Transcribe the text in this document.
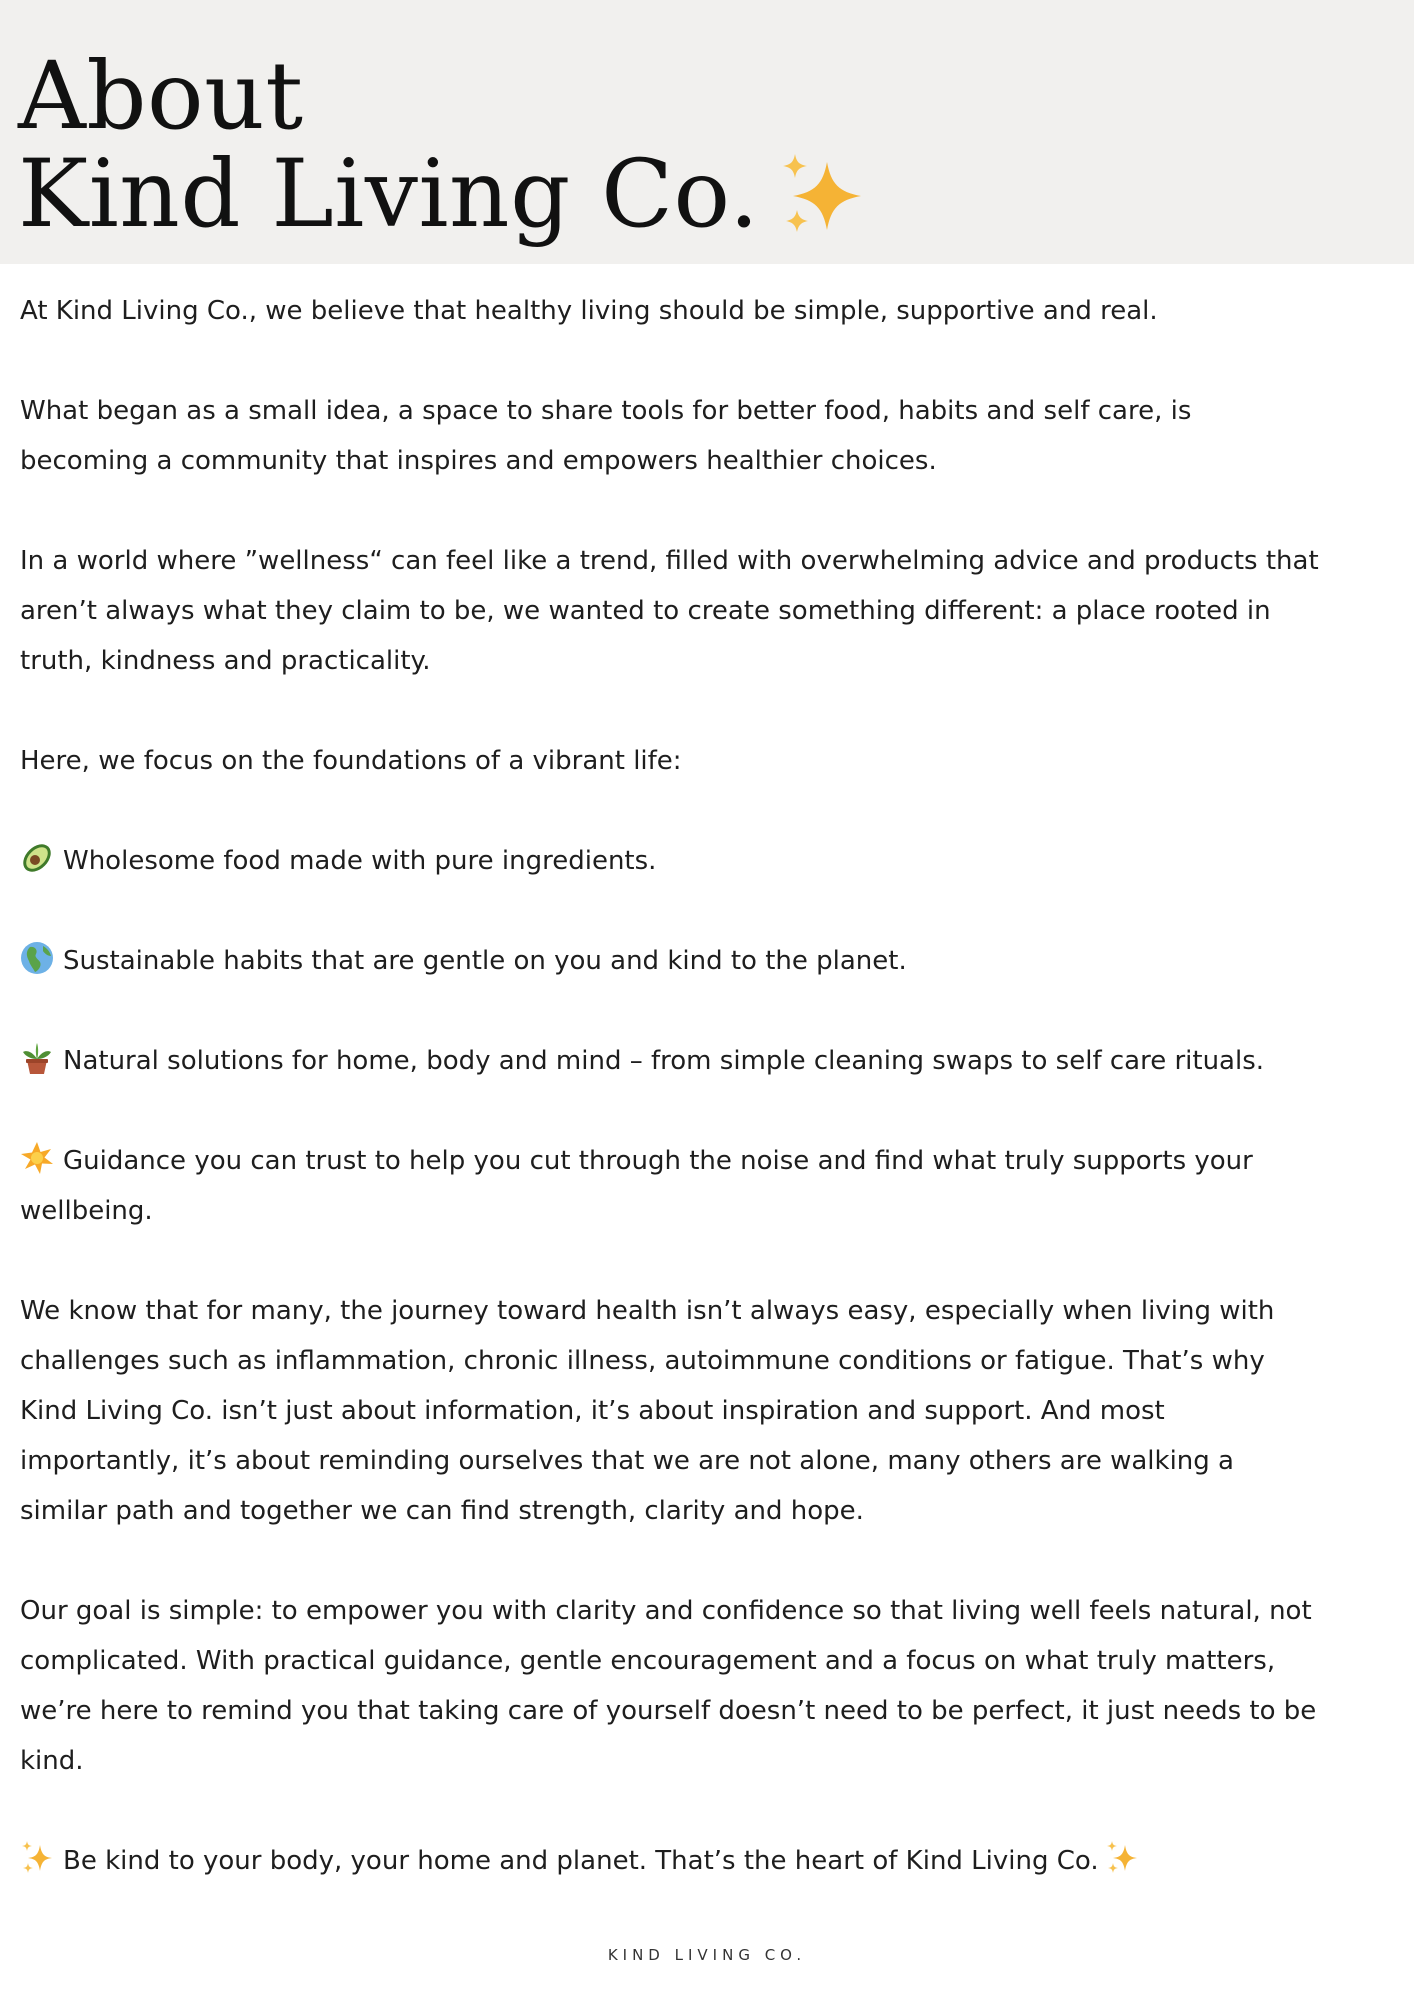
About
Kind Living Co.

At Kind Living Co., we believe that healthy living should be simple, supportive and real.

What began as a small idea, a space to share tools for better food, habits and self care, is becoming a community that inspires and empowers healthier choices.

In a world where ”wellness“ can feel like a trend, filled with overwhelming advice and products that aren’t always what they claim to be, we wanted to create something different: a place rooted in truth, kindness and practicality.

Here, we focus on the foundations of a vibrant life:

Wholesome food made with pure ingredients.

Sustainable habits that are gentle on you and kind to the planet.

Natural solutions for home, body and mind – from simple cleaning swaps to self care rituals.

Guidance you can trust to help you cut through the noise and find what truly supports your wellbeing.

We know that for many, the journey toward health isn’t always easy, especially when living with challenges such as inflammation, chronic illness, autoimmune conditions or fatigue. That’s why Kind Living Co. isn’t just about information, it’s about inspiration and support. And most importantly, it’s about reminding ourselves that we are not alone, many others are walking a similar path and together we can find strength, clarity and hope.

Our goal is simple: to empower you with clarity and confidence so that living well feels natural, not complicated. With practical guidance, gentle encouragement and a focus on what truly matters, we’re here to remind you that taking care of yourself doesn’t need to be perfect, it just needs to be kind.

Be kind to your body, your home and planet. That’s the heart of Kind Living Co.

KIND LIVING CO.
